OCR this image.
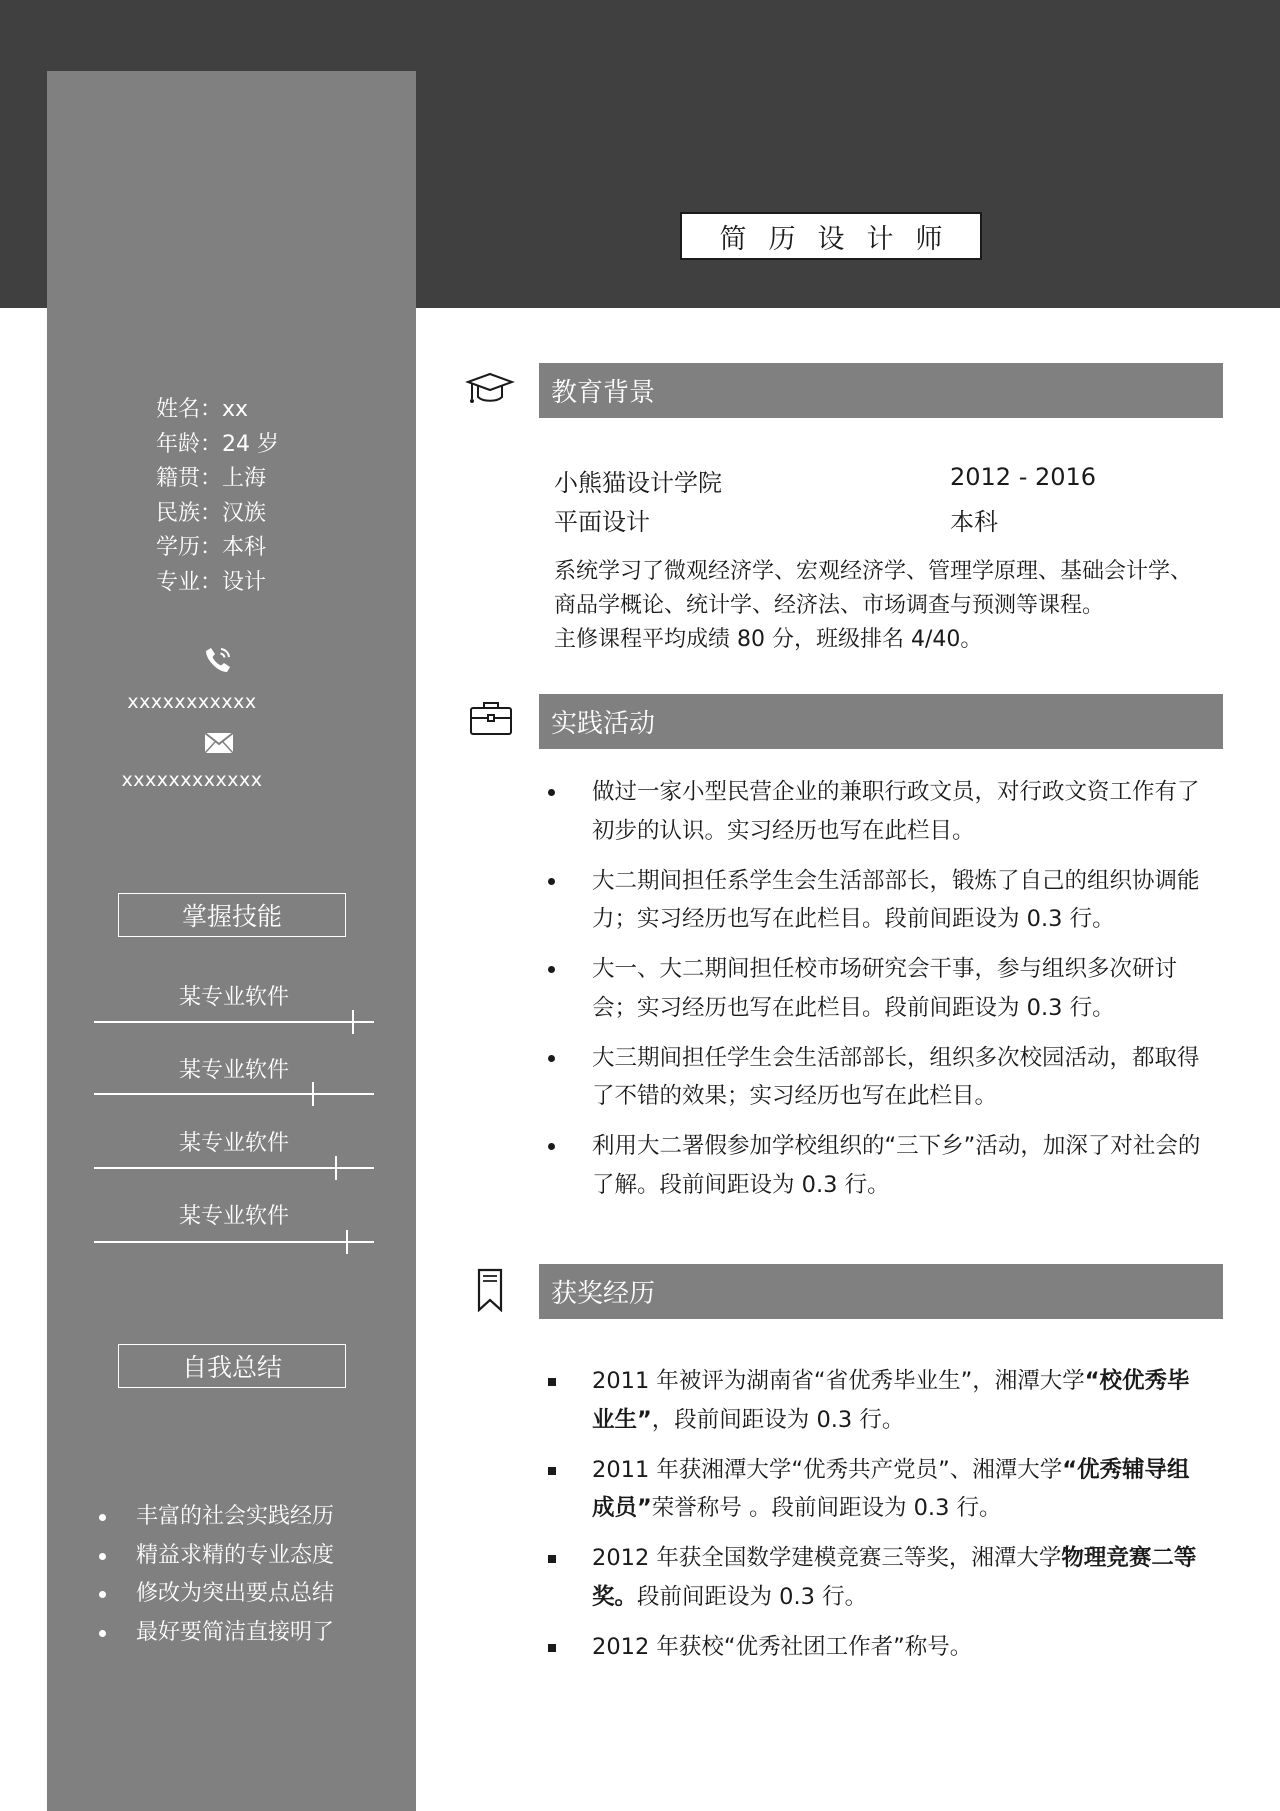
简历设计师
姓名：xx
年龄：24 岁
籍贯：上海
民族：汉族
学历：本科
专业：设计
xxxxxxxxxxx
xxxxxxxxxxxx
掌握技能
某专业软件
某专业软件
某专业软件
某专业软件
自我总结
丰富的社会实践经历
精益求精的专业态度
修改为突出要点总结
最好要简洁直接明了
教育背景
小熊猫设计学院	2012 - 2016
平面设计	本科
系统学习了微观经济学、宏观经济学、管理学原理、基础会计学、
商品学概论、统计学、经济法、市场调查与预测等课程。
主修课程平均成绩 80 分，班级排名 4/40。
实践活动
做过一家小型民营企业的兼职行政文员，对行政文资工作有了初步的认识。实习经历也写在此栏目。
大二期间担任系学生会生活部部长，锻炼了自己的组织协调能力；实习经历也写在此栏目。段前间距设为 0.3 行。
大一、大二期间担任校市场研究会干事，参与组织多次研讨会；实习经历也写在此栏目。段前间距设为 0.3 行。
大三期间担任学生会生活部部长，组织多次校园活动，都取得了不错的效果；实习经历也写在此栏目。
利用大二署假参加学校组织的“三下乡”活动，加深了对社会的了解。段前间距设为 0.3 行。
获奖经历
2011 年被评为湖南省“省优秀毕业生”，湘潭大学“校优秀毕业生”，段前间距设为 0.3 行。
2011 年获湘潭大学“优秀共产党员”、湘潭大学“优秀辅导组成员”荣誉称号 。段前间距设为 0.3 行。
2012 年获全国数学建模竞赛三等奖，湘潭大学物理竞赛二等奖。段前间距设为 0.3 行。
2012 年获校“优秀社团工作者”称号。
